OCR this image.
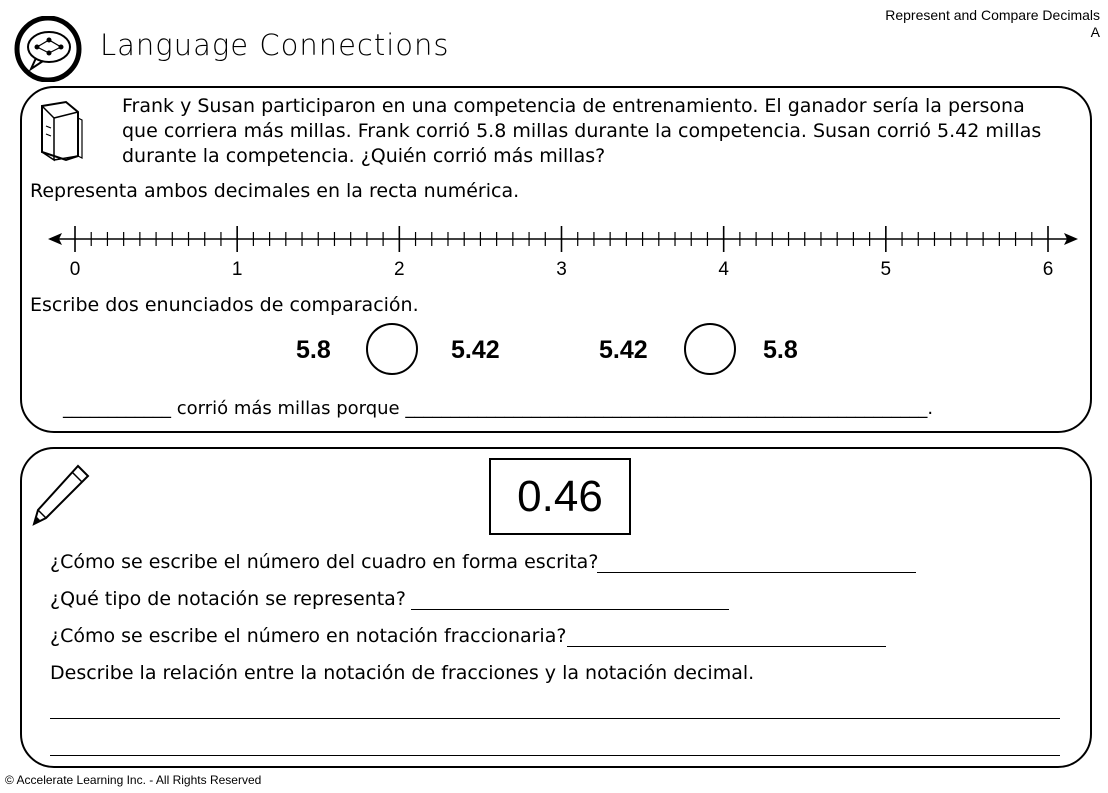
Represent and Compare Decimals
A
Language Connections
Frank y Susan participaron en una competencia de entrenamiento. El ganador sería la persona que corriera más millas. Frank corrió 5.8 millas durante la competencia. Susan corrió 5.42 millas durante la competencia. ¿Quién corrió más millas?
Representa ambos decimales en la recta numérica.
0	1	2	3	4	5	6
Escribe dos enunciados de comparación.
5.8	5.42	5.42	5.8
____________ corrió más millas porque __________________________________________________________.
0.46
¿Cómo se escribe el número del cuadro en forma escrita?
¿Qué tipo de notación se representa?
¿Cómo se escribe el número en notación fraccionaria?
Describe la relación entre la notación de fracciones y la notación decimal.
© Accelerate Learning Inc. - All Rights Reserved
